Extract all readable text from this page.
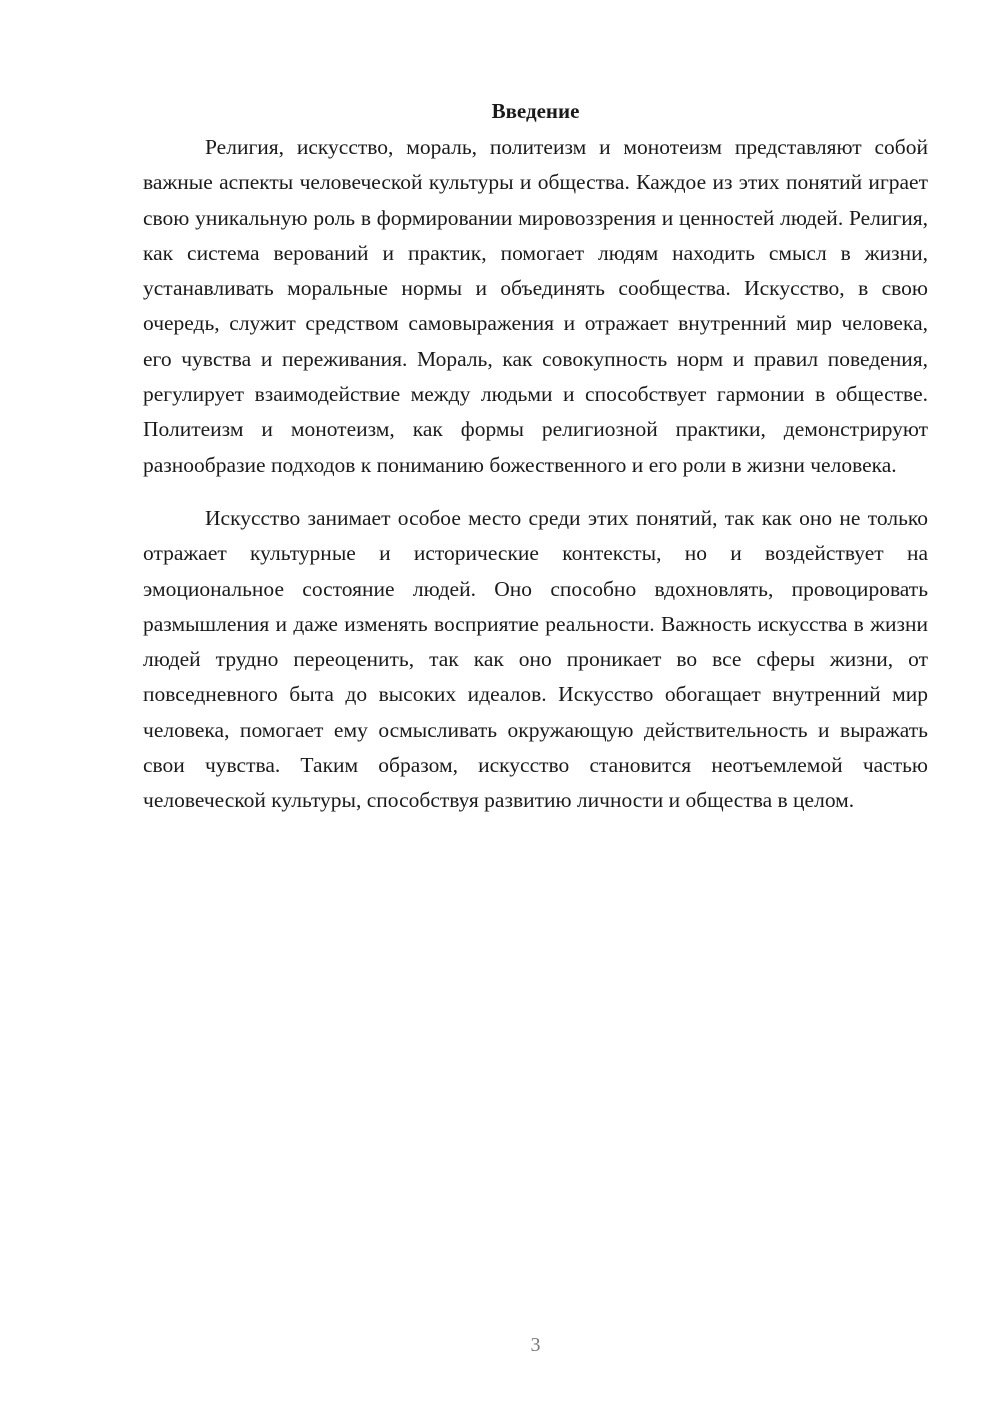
Введение

Религия, искусство, мораль, политеизм и монотеизм представляют собой важные аспекты человеческой культуры и общества. Каждое из этих понятий играет свою уникальную роль в формировании мировоззрения и ценностей людей. Религия, как система верований и практик, помогает людям находить смысл в жизни, устанавливать моральные нормы и объединять сообщества. Искусство, в свою очередь, служит средством самовыражения и отражает внутренний мир человека, его чувства и переживания. Мораль, как совокупность норм и правил поведения, регулирует взаимодействие между людьми и способствует гармонии в обществе. Политеизм и монотеизм, как формы религиозной практики, демонстрируют разнообразие подходов к пониманию божественного и его роли в жизни человека.

Искусство занимает особое место среди этих понятий, так как оно не только отражает культурные и исторические контексты, но и воздействует на эмоциональное состояние людей. Оно способно вдохновлять, провоцировать размышления и даже изменять восприятие реальности. Важность искусства в жизни людей трудно переоценить, так как оно проникает во все сферы жизни, от повседневного быта до высоких идеалов. Искусство обогащает внутренний мир человека, помогает ему осмысливать окружающую действительность и выражать свои чувства. Таким образом, искусство становится неотъемлемой частью человеческой культуры, способствуя развитию личности и общества в целом.

3
